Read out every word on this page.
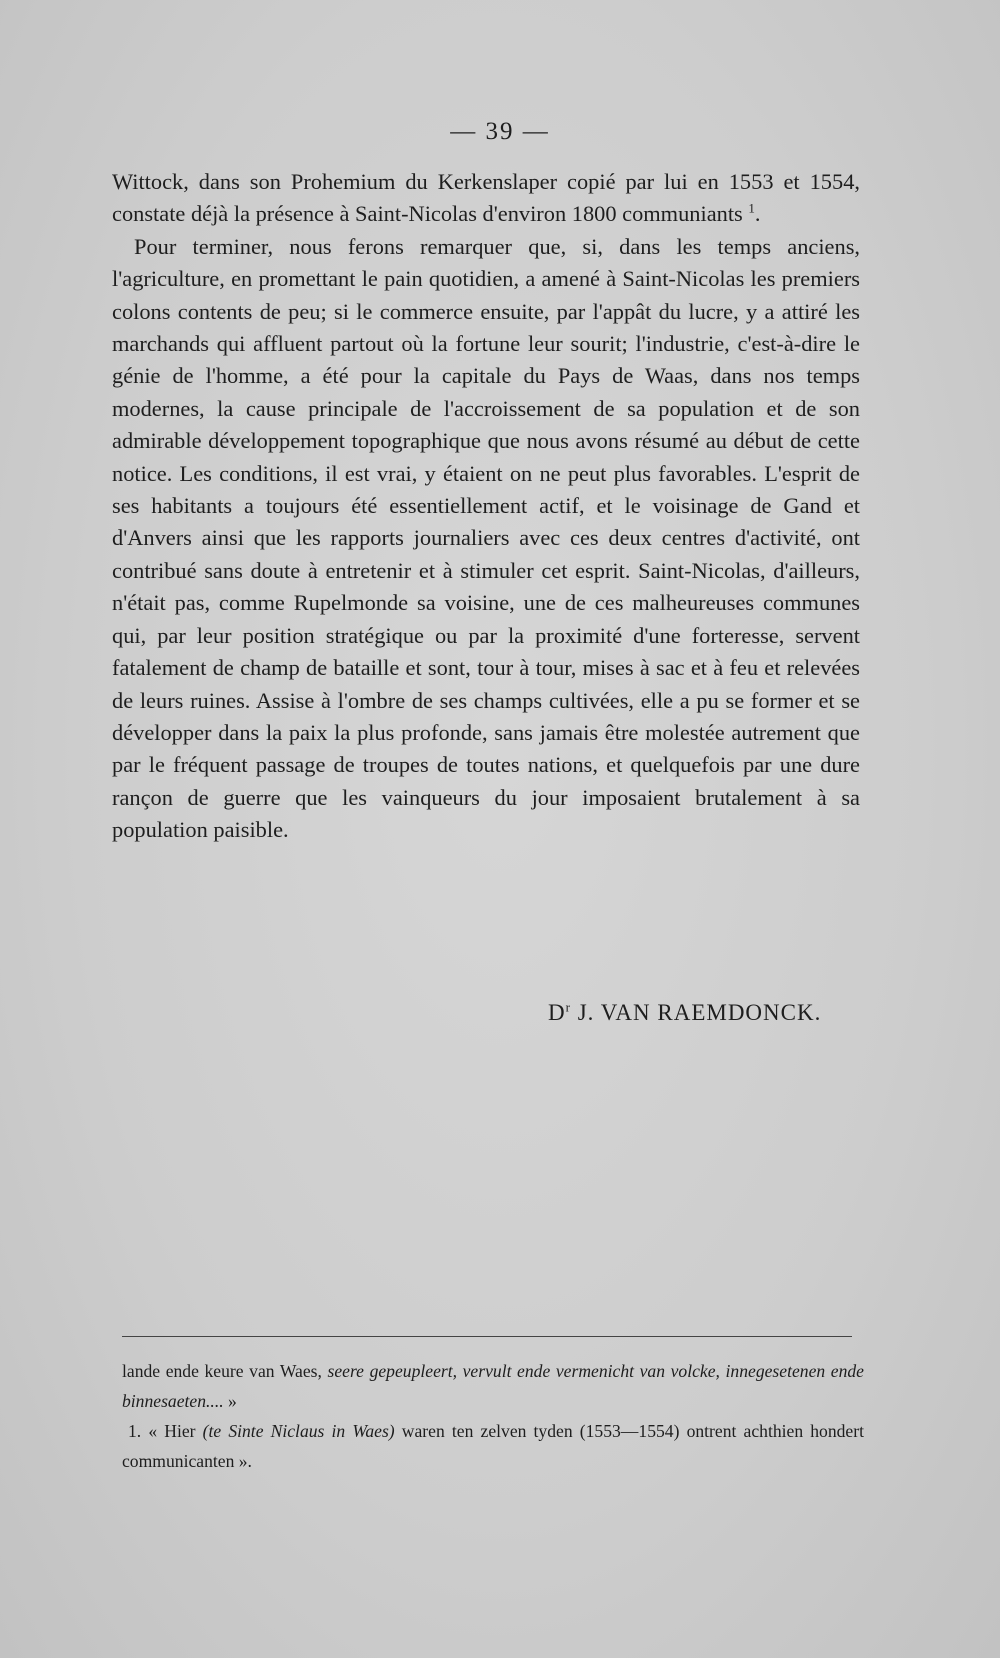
— 39 —

Wittock, dans son Prohemium du Kerkenslaper copié par lui en 1553 et 1554, constate déjà la présence à Saint-Nicolas d'environ 1800 communiants $^1$.

Pour terminer, nous ferons remarquer que, si, dans les temps anciens, l'agriculture, en promettant le pain quotidien, a amené à Saint-Nicolas les premiers colons contents de peu; si le commerce ensuite, par l'appât du lucre, y a attiré les marchands qui affluent partout où la fortune leur sourit; l'industrie, c'est-à-dire le génie de l'homme, a été pour la capitale du Pays de Waas, dans nos temps modernes, la cause principale de l'accroissement de sa population et de son admirable développement topographique que nous avons résumé au début de cette notice. Les conditions, il est vrai, y étaient on ne peut plus favorables. L'esprit de ses habitants a toujours été essentiellement actif, et le voisinage de Gand et d'Anvers ainsi que les rapports journaliers avec ces deux centres d'activité, ont contribué sans doute à entretenir et à stimuler cet esprit. Saint-Nicolas, d'ailleurs, n'était pas, comme Rupelmonde sa voisine, une de ces malheureuses communes qui, par leur position stratégique ou par la proximité d'une forteresse, servent fatalement de champ de bataille et sont, tour à tour, mises à sac et à feu et relevées de leurs ruines. Assise à l'ombre de ses champs cultivées, elle a pu se former et se développer dans la paix la plus profonde, sans jamais être molestée autrement que par le fréquent passage de troupes de toutes nations, et quelquefois par une dure rançon de guerre que les vainqueurs du jour imposaient brutalement à sa population paisible.

$D^r$ J. VAN RAEMDONCK.

lande ende keure van Waes, seere gepeupleert, vervult ende vermenicht van volcke, innegesetenen ende binnesaeten.... »

1. « Hier (te Sinte Niclaus in Waes) waren ten zelven tyden (1553—1554) ontrent achthien hondert communicanten ».
